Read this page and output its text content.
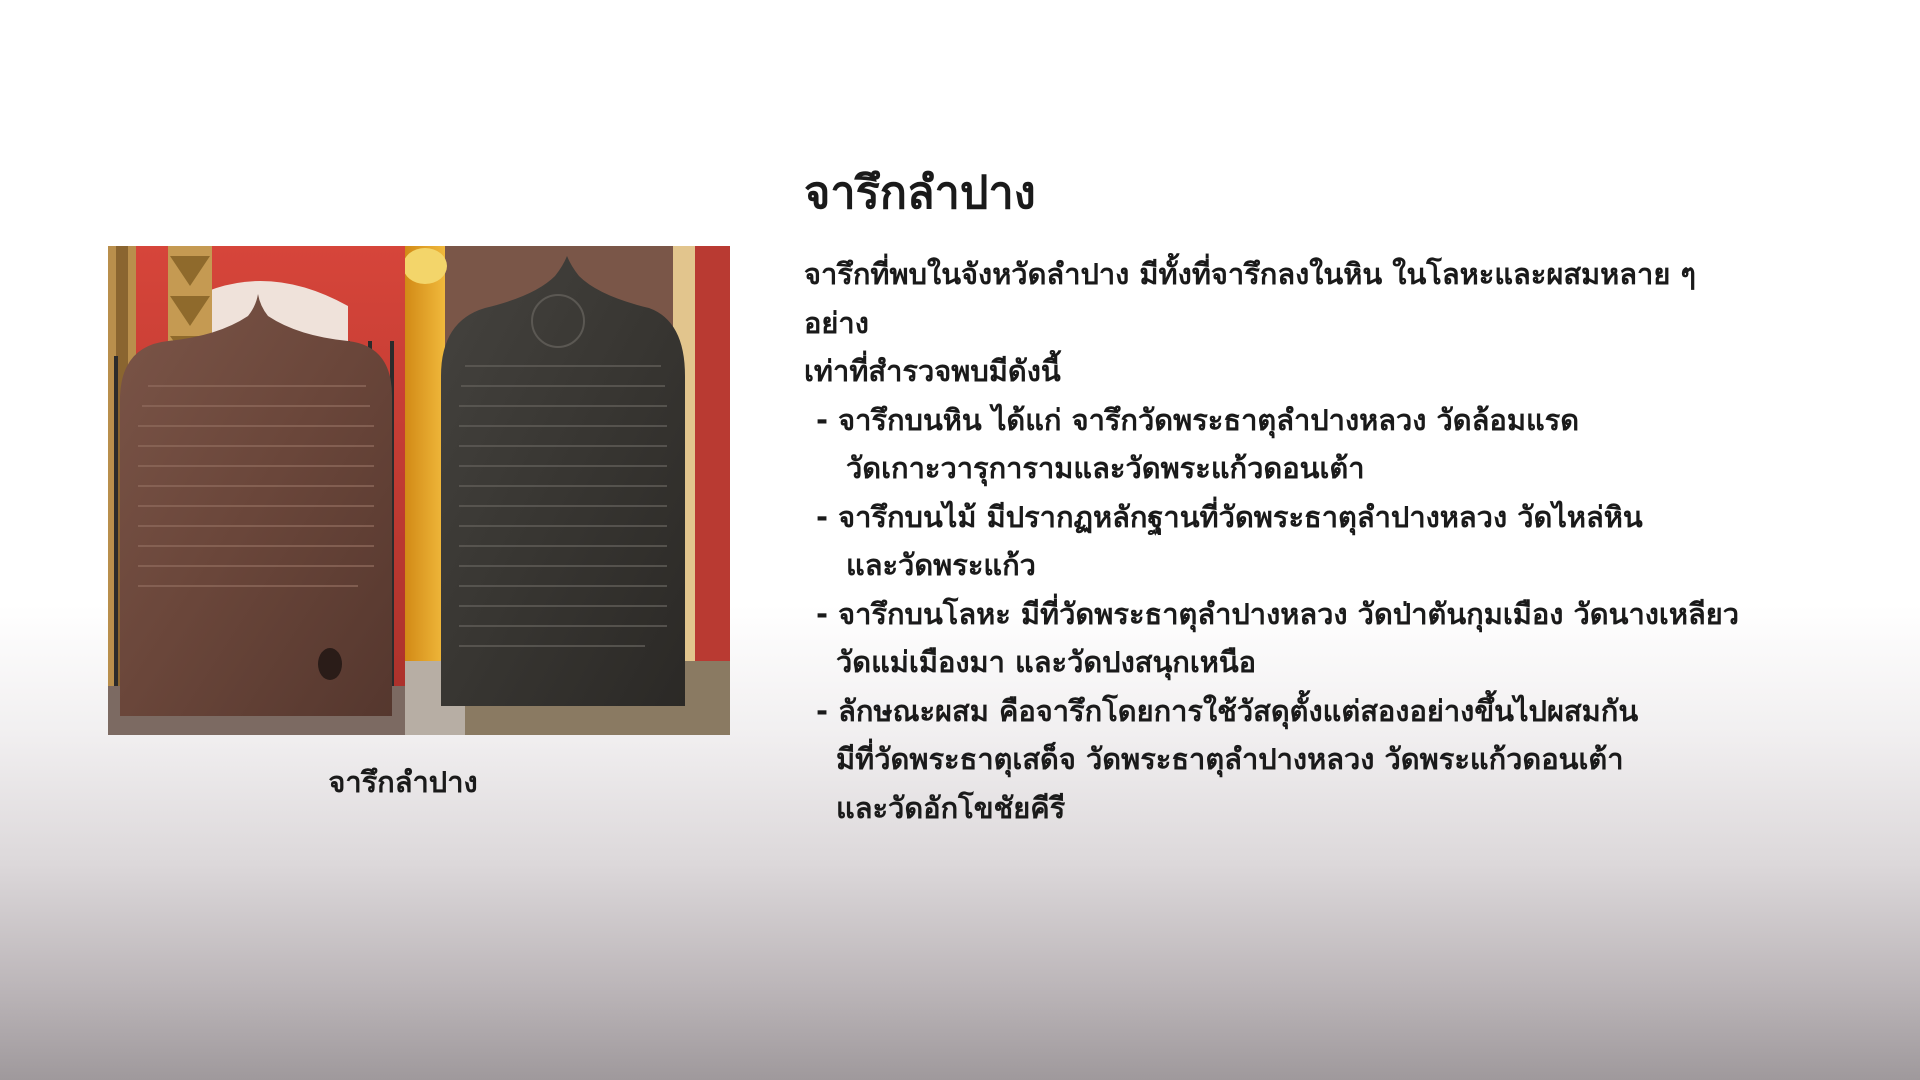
จารึกลำปาง
จารึกลำปาง
จารึกที่พบในจังหวัดลำปาง มีทั้งที่จารึกลงในหิน ในโลหะและผสมหลาย ๆ
อย่าง
เท่าที่สำรวจพบมีดังนี้
- จารึกบนหิน ได้แก่ จารึกวัดพระธาตุลำปางหลวง วัดล้อมแรด
วัดเกาะวารุการามและวัดพระแก้วดอนเต้า
- จารึกบนไม้ มีปรากฏหลักฐานที่วัดพระธาตุลำปางหลวง วัดไหล่หิน
และวัดพระแก้ว
- จารึกบนโลหะ มีที่วัดพระธาตุลำปางหลวง วัดป่าตันกุมเมือง วัดนางเหลียว
วัดแม่เมืองมา และวัดปงสนุกเหนือ
- ลักษณะผสม คือจารึกโดยการใช้วัสดุตั้งแต่สองอย่างขึ้นไปผสมกัน
มีที่วัดพระธาตุเสด็จ วัดพระธาตุลำปางหลวง วัดพระแก้วดอนเต้า
และวัดอักโขชัยคีรี
